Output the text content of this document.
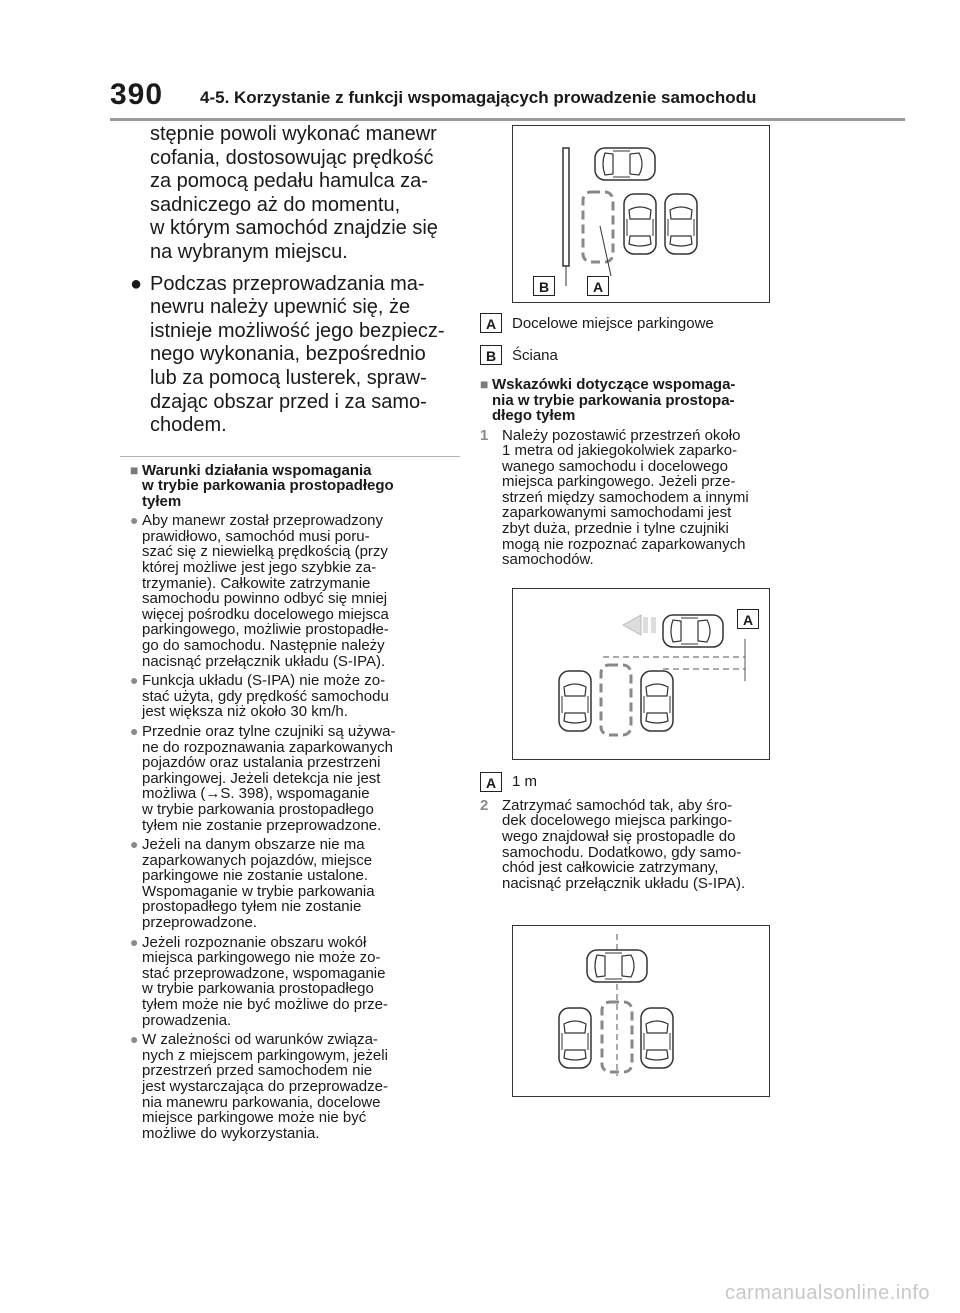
390 4-5. Korzystanie z funkcji wspomagających prowadzenie samochodu

stępnie powoli wykonać manewr

cofania, dostosowując prędkość

za pomocą pedału hamulca za-

sadniczego aż do momentu,

w którym samochód znajdzie się

na wybranym miejscu.

● Podczas przeprowadzania ma-

newru należy upewnić się, że

istnieje możliwość jego bezpiecz-

nego wykonania, bezpośrednio

lub za pomocą lusterek, spraw-

dzając obszar przed i za samo-

chodem.

■ Warunki działania wspomagania
w trybie parkowania prostopadłego
tyłem
● Aby manewr został przeprowadzony
prawidłowo, samochód musi poru-
szać się z niewielką prędkością (przy
której możliwe jest jego szybkie za-
trzymanie). Całkowite zatrzymanie
samochodu powinno odbyć się mniej
więcej pośrodku docelowego miejsca
parkingowego, możliwie prostopadłe-
go do samochodu. Następnie należy
nacisnąć przełącznik układu (S-IPA).
● Funkcja układu (S-IPA) nie może zo-
stać użyta, gdy prędkość samochodu
jest większa niż około 30 km/h.
● Przednie oraz tylne czujniki są używa-
ne do rozpoznawania zaparkowanych
pojazdów oraz ustalania przestrzeni
parkingowej. Jeżeli detekcja nie jest
możliwa (→S. 398), wspomaganie
w trybie parkowania prostopadłego
tyłem nie zostanie przeprowadzone.
● Jeżeli na danym obszarze nie ma
zaparkowanych pojazdów, miejsce
parkingowe nie zostanie ustalone.
Wspomaganie w trybie parkowania
prostopadłego tyłem nie zostanie
przeprowadzone.
● Jeżeli rozpoznanie obszaru wokół
miejsca parkingowego nie może zo-
stać przeprowadzone, wspomaganie
w trybie parkowania prostopadłego
tyłem może nie być możliwe do prze-
prowadzenia.
● W zależności od warunków związa-
nych z miejscem parkingowym, jeżeli
przestrzeń przed samochodem nie
jest wystarczająca do przeprowadze-
nia manewru parkowania, docelowe
miejsce parkingowe może nie być
możliwe do wykorzystania.
B	A
A	Docelowe miejsce parkingowe
B	Ściana
■ Wskazówki dotyczące wspomaga-
nia w trybie parkowania prostopa-
dłego tyłem
1 Należy pozostawić przestrzeń około
1 metra od jakiegokolwiek zaparko-
wanego samochodu i docelowego
miejsca parkingowego. Jeżeli prze-
strzeń między samochodem a innymi
zaparkowanymi samochodami jest
zbyt duża, przednie i tylne czujniki
mogą nie rozpoznać zaparkowanych
samochodów.
A
A	1 m
2 Zatrzymać samochód tak, aby śro-
dek docelowego miejsca parkingo-
wego znajdował się prostopadle do
samochodu. Dodatkowo, gdy samo-
chód jest całkowicie zatrzymany,
nacisnąć przełącznik układu (S-IPA).
carmanualsonline.info
